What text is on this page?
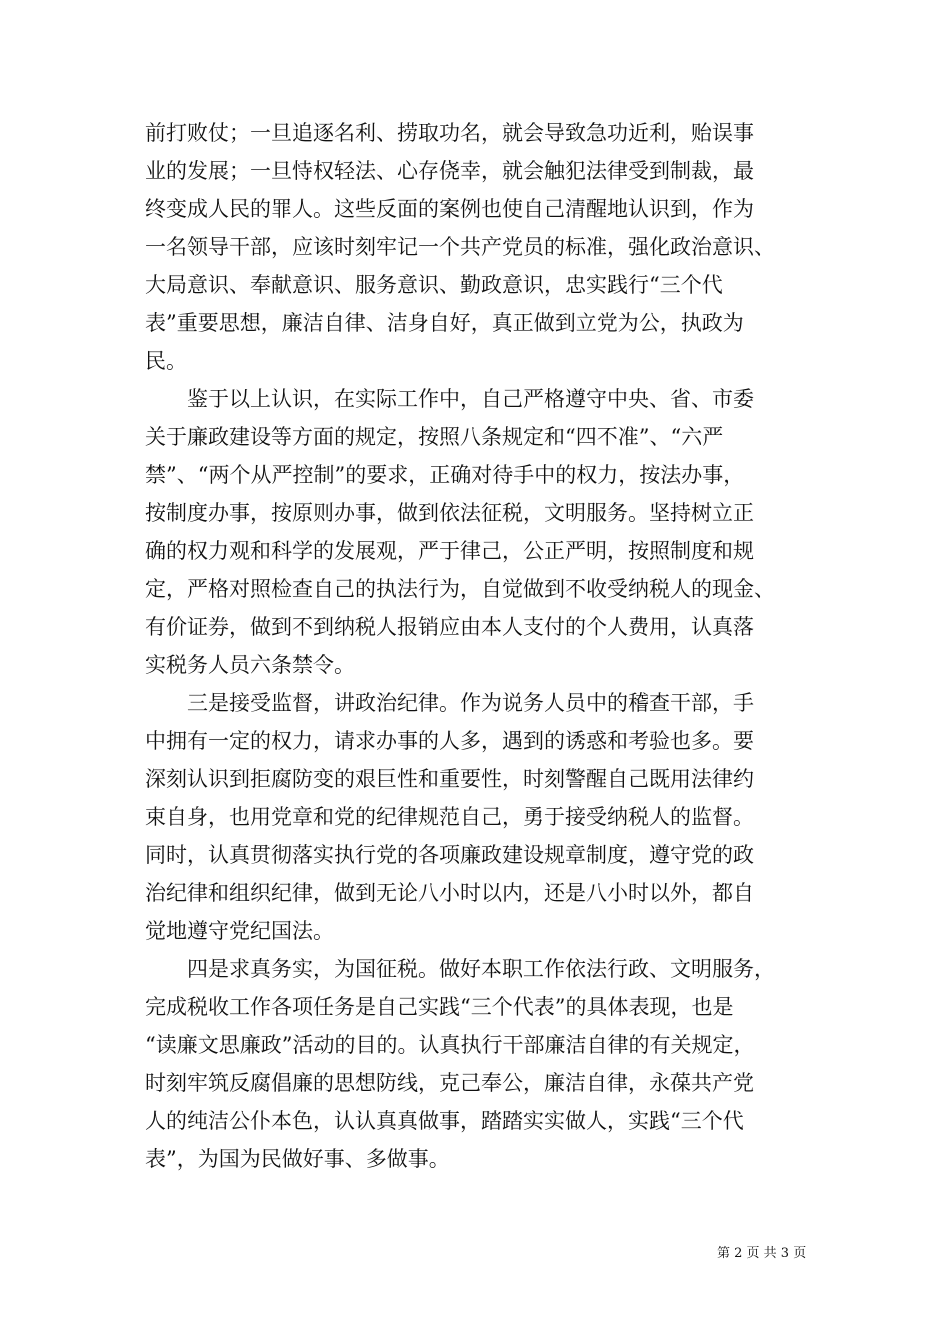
前打败仗；一旦追逐名利、捞取功名，就会导致急功近利，贻误事
业的发展；一旦恃权轻法、心存侥幸，就会触犯法律受到制裁，最
终变成人民的罪人。这些反面的案例也使自己清醒地认识到，作为
一名领导干部，应该时刻牢记一个共产党员的标准，强化政治意识、
大局意识、奉献意识、服务意识、勤政意识，忠实践行“三个代
表”重要思想，廉洁自律、洁身自好，真正做到立党为公，执政为
民。
　　鉴于以上认识，在实际工作中，自己严格遵守中央、省、市委
关于廉政建设等方面的规定，按照八条规定和“四不准”、“六严
禁”、“两个从严控制”的要求，正确对待手中的权力，按法办事，
按制度办事，按原则办事，做到依法征税，文明服务。坚持树立正
确的权力观和科学的发展观，严于律己，公正严明，按照制度和规
定，严格对照检查自己的执法行为，自觉做到不收受纳税人的现金、
有价证券，做到不到纳税人报销应由本人支付的个人费用，认真落
实税务人员六条禁令。
　　三是接受监督，讲政治纪律。作为说务人员中的稽查干部，手
中拥有一定的权力，请求办事的人多，遇到的诱惑和考验也多。要
深刻认识到拒腐防变的艰巨性和重要性，时刻警醒自己既用法律约
束自身，也用党章和党的纪律规范自己，勇于接受纳税人的监督。
同时，认真贯彻落实执行党的各项廉政建设规章制度，遵守党的政
治纪律和组织纪律，做到无论八小时以内，还是八小时以外，都自
觉地遵守党纪国法。
　　四是求真务实，为国征税。做好本职工作依法行政、文明服务，
完成税收工作各项任务是自己实践“三个代表”的具体表现，也是
“读廉文思廉政”活动的目的。认真执行干部廉洁自律的有关规定，
时刻牢筑反腐倡廉的思想防线，克己奉公，廉洁自律，永葆共产党
人的纯洁公仆本色，认认真真做事，踏踏实实做人，实践“三个代
表”，为国为民做好事、多做事。
第 2 页 共 3 页
